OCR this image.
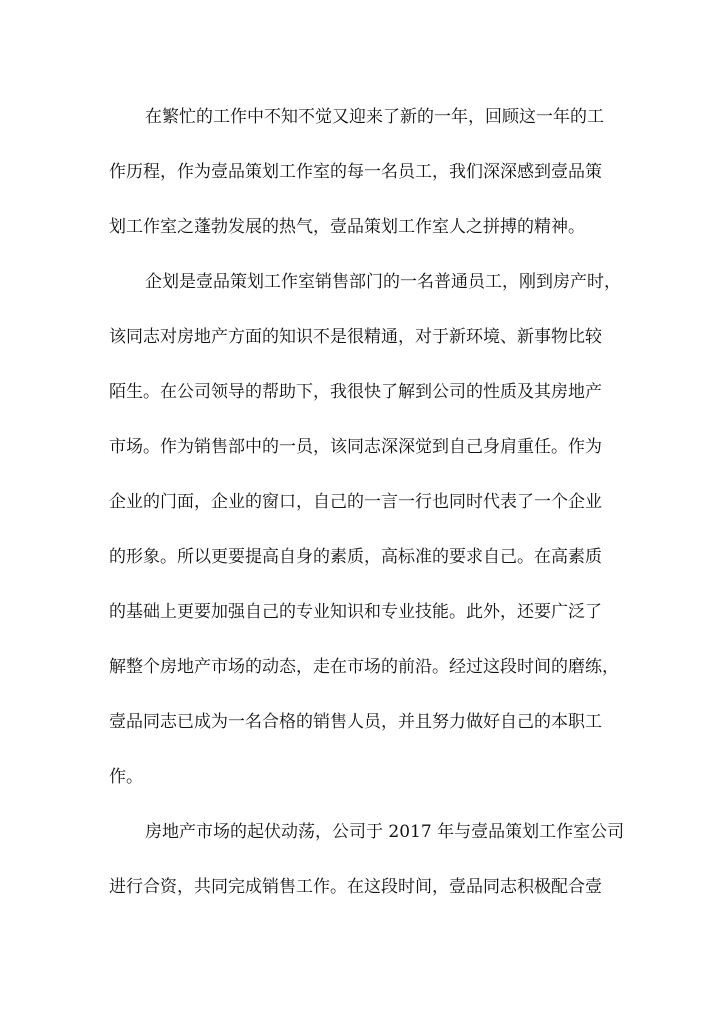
在繁忙的工作中不知不觉又迎来了新的一年，回顾这一年的工

作历程，作为壹品策划工作室的每一名员工，我们深深感到壹品策

划工作室之蓬勃发展的热气，壹品策划工作室人之拼搏的精神。

企划是壹品策划工作室销售部门的一名普通员工，刚到房产时，

该同志对房地产方面的知识不是很精通，对于新环境、新事物比较

陌生。在公司领导的帮助下，我很快了解到公司的性质及其房地产

市场。作为销售部中的一员，该同志深深觉到自己身肩重任。作为

企业的门面，企业的窗口，自己的一言一行也同时代表了一个企业

的形象。所以更要提高自身的素质，高标准的要求自己。在高素质

的基础上更要加强自己的专业知识和专业技能。此外，还要广泛了

解整个房地产市场的动态，走在市场的前沿。经过这段时间的磨练，

壹品同志已成为一名合格的销售人员，并且努力做好自己的本职工

作。

房地产市场的起伏动荡，公司于 2017 年与壹品策划工作室公司

进行合资，共同完成销售工作。在这段时间，壹品同志积极配合壹
